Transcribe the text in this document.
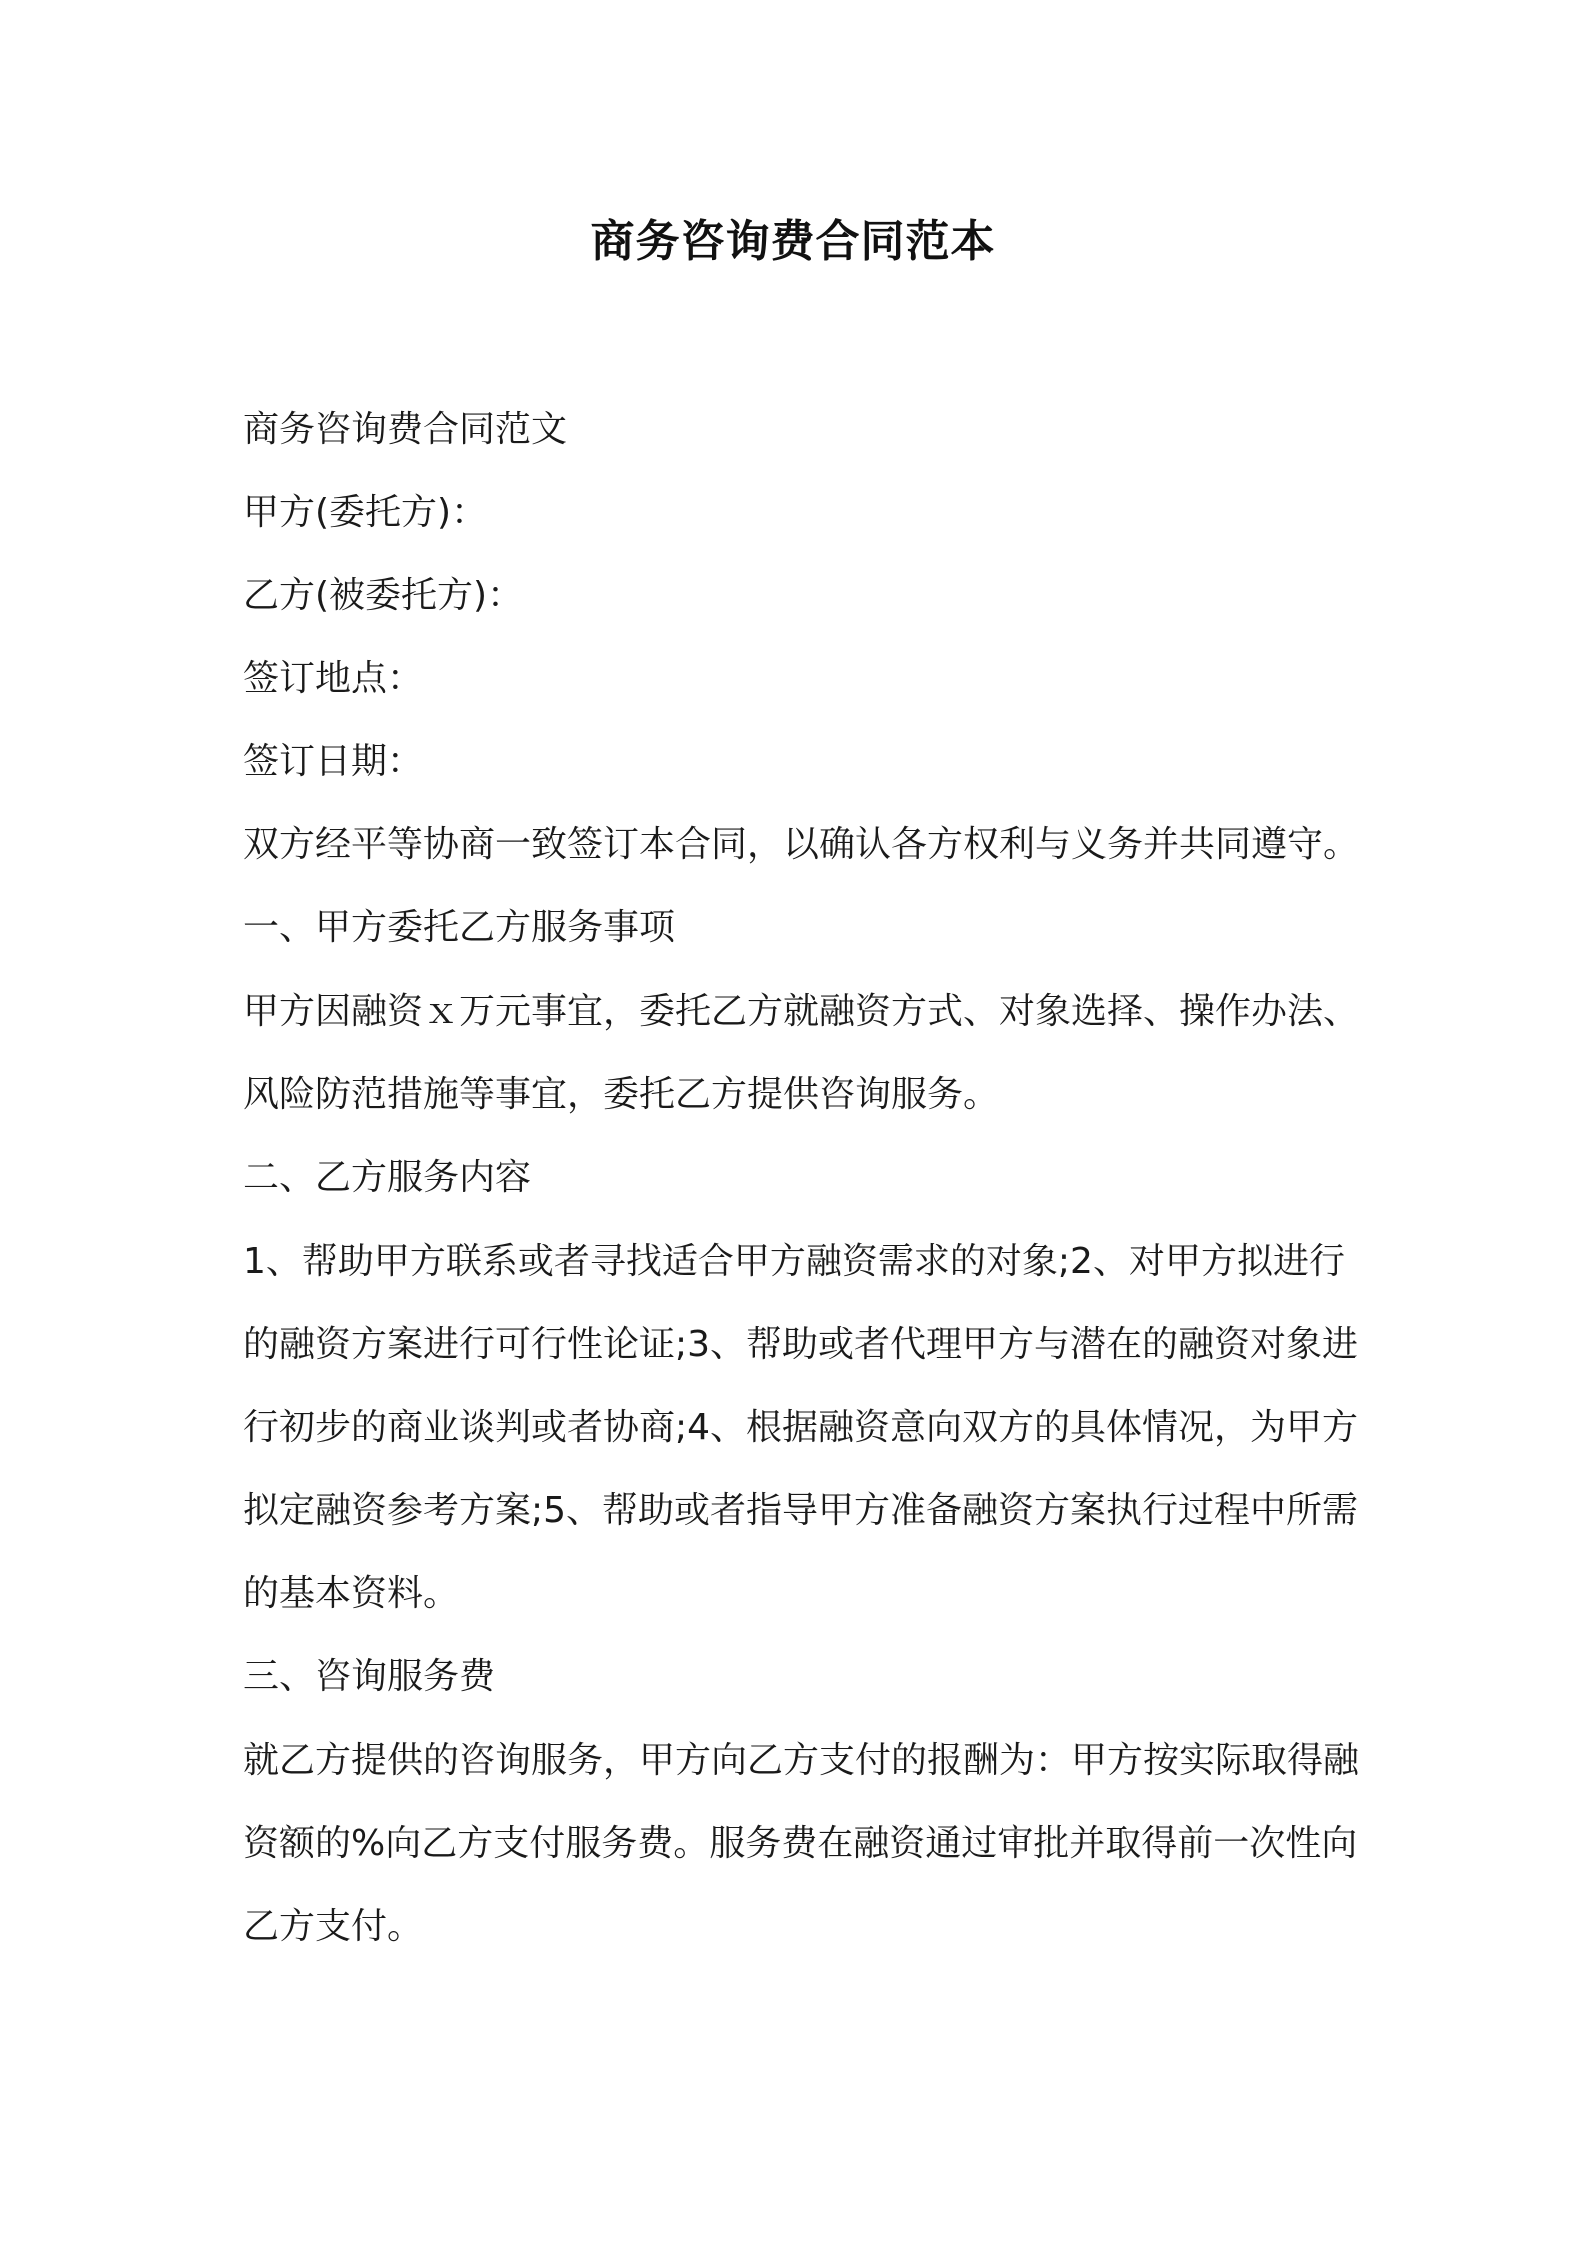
商务咨询费合同范本
商务咨询费合同范文
甲方(委托方)：
乙方(被委托方)：
签订地点：
签订日期：
双方经平等协商一致签订本合同，以确认各方权利与义务并共同遵守。
一、甲方委托乙方服务事项
甲方因融资ｘ万元事宜，委托乙方就融资方式、对象选择、操作办法、风险防范措施等事宜，委托乙方提供咨询服务。
二、乙方服务内容
1、帮助甲方联系或者寻找适合甲方融资需求的对象;2、对甲方拟进行的融资方案进行可行性论证;3、帮助或者代理甲方与潜在的融资对象进行初步的商业谈判或者协商;4、根据融资意向双方的具体情况，为甲方拟定融资参考方案;5、帮助或者指导甲方准备融资方案执行过程中所需的基本资料。
三、咨询服务费
就乙方提供的咨询服务，甲方向乙方支付的报酬为：甲方按实际取得融资额的%向乙方支付服务费。服务费在融资通过审批并取得前一次性向乙方支付。
